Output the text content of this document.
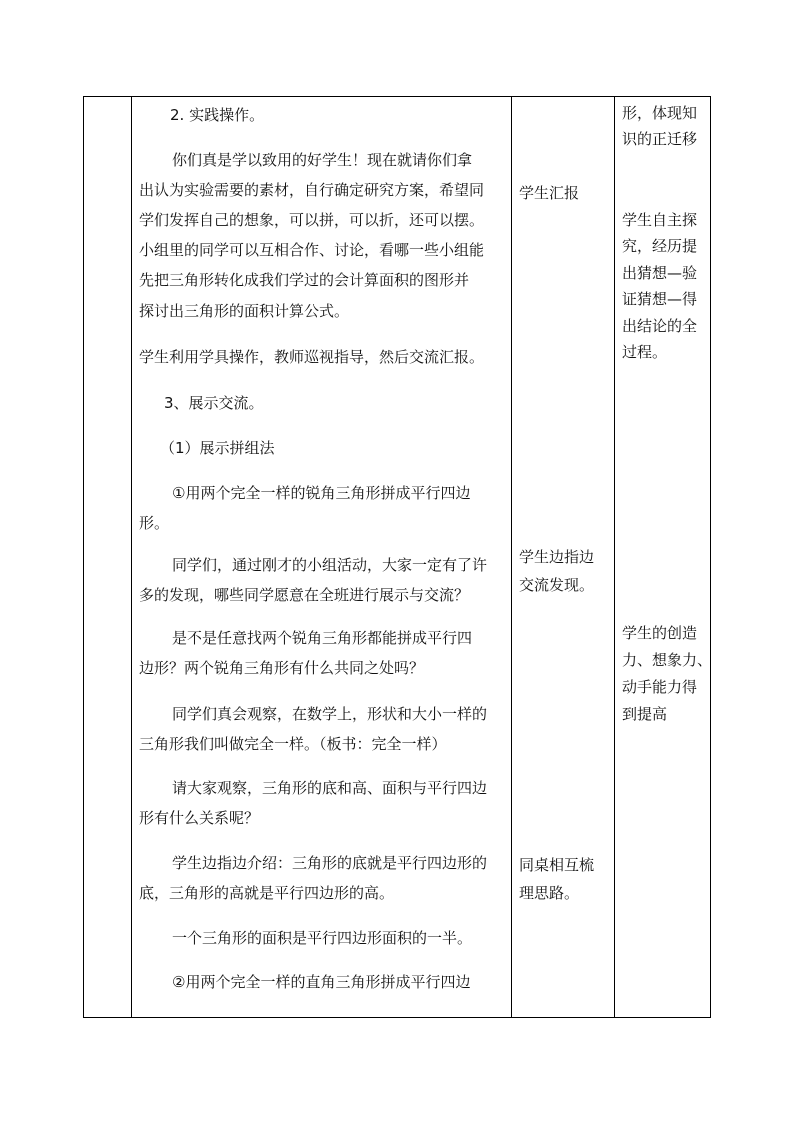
2. 实践操作。
你们真是学以致用的好学生！现在就请你们拿
出认为实验需要的素材，自行确定研究方案，希望同
学们发挥自己的想象，可以拼，可以折，还可以摆。
小组里的同学可以互相合作、讨论，看哪一些小组能
先把三角形转化成我们学过的会计算面积的图形并
探讨出三角形的面积计算公式。
学生利用学具操作，教师巡视指导，然后交流汇报。
3、展示交流。
（1）展示拼组法
①用两个完全一样的锐角三角形拼成平行四边
形。
同学们，通过刚才的小组活动，大家一定有了许
多的发现，哪些同学愿意在全班进行展示与交流？
是不是任意找两个锐角三角形都能拼成平行四
边形？两个锐角三角形有什么共同之处吗？
同学们真会观察，在数学上，形状和大小一样的
三角形我们叫做完全一样。（板书：完全一样）
请大家观察，三角形的底和高、面积与平行四边
形有什么关系呢？
学生边指边介绍：三角形的底就是平行四边形的
底，三角形的高就是平行四边形的高。
一个三角形的面积是平行四边形面积的一半。
②用两个完全一样的直角三角形拼成平行四边
学生汇报
学生边指边
交流发现。
同桌相互梳
理思路。
形，体现知
识的正迁移
学生自主探
究，经历提
出猜想—验
证猜想—得
出结论的全
过程。
学生的创造
力、想象力、
动手能力得
到提高
